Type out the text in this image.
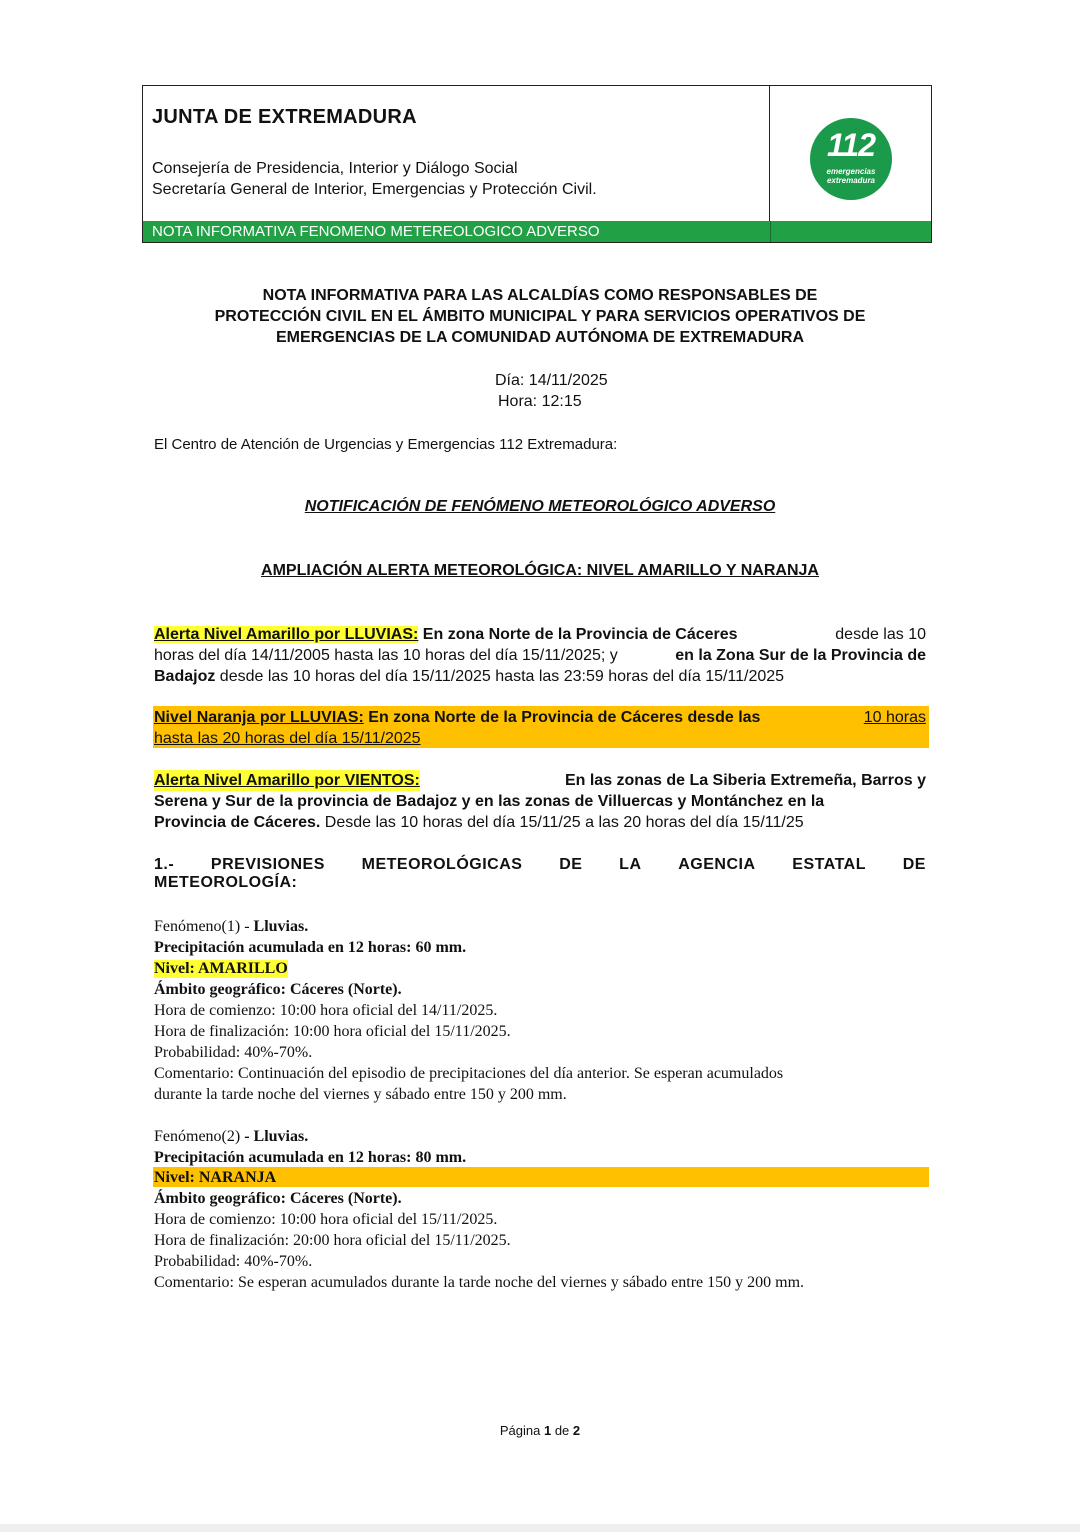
JUNTA DE EXTREMADURA
Consejería de Presidencia, Interior y Diálogo Social
Secretaría General de Interior, Emergencias y Protección Civil.
112
emergencias
extremadura
NOTA INFORMATIVA FENOMENO METEREOLOGICO ADVERSO
NOTA INFORMATIVA PARA LAS ALCALDÍAS COMO RESPONSABLES DE
PROTECCIÓN CIVIL EN EL ÁMBITO MUNICIPAL Y PARA SERVICIOS OPERATIVOS DE
EMERGENCIAS DE LA COMUNIDAD AUTÓNOMA DE EXTREMADURA
Día: 14/11/2025
Hora: 12:15
El Centro de Atención de Urgencias y Emergencias 112 Extremadura:
NOTIFICACIÓN DE FENÓMENO METEOROLÓGICO ADVERSO
AMPLIACIÓN ALERTA METEOROLÓGICA: NIVEL AMARILLO Y NARANJA
Alerta Nivel Amarillo por LLUVIAS: En zona Norte de la Provincia de Cáceres	desde las 10
horas del día 14/11/2005 hasta las 10 horas del día 15/11/2025; y	en la Zona Sur de la Provincia de
Badajoz desde las 10 horas del día 15/11/2025 hasta las 23:59 horas del día 15/11/2025
Nivel Naranja por LLUVIAS: En zona Norte de la Provincia de Cáceres desde las	10 horas
hasta las 20 horas del día 15/11/2025
Alerta Nivel Amarillo por VIENTOS:	En las zonas de La Siberia Extremeña, Barros y
Serena y Sur de la provincia de Badajoz y en las zonas de Villuercas y Montánchez en la
Provincia de Cáceres. Desde las 10 horas del día 15/11/25 a las 20 horas del día 15/11/25
1.- PREVISIONES METEOROLÓGICAS DE LA AGENCIA ESTATAL DE
METEOROLOGÍA:
Fenómeno(1) - Lluvias.
Precipitación acumulada en 12 horas: 60 mm.
Nivel: AMARILLO
Ámbito geográfico: Cáceres (Norte).
Hora de comienzo: 10:00 hora oficial del 14/11/2025.
Hora de finalización: 10:00 hora oficial del 15/11/2025.
Probabilidad: 40%-70%.
Comentario: Continuación del episodio de precipitaciones del día anterior. Se esperan acumulados
durante la tarde noche del viernes y sábado entre 150 y 200 mm.
Fenómeno(2) - Lluvias.
Precipitación acumulada en 12 horas: 80 mm.
Nivel: NARANJA
Ámbito geográfico: Cáceres (Norte).
Hora de comienzo: 10:00 hora oficial del 15/11/2025.
Hora de finalización: 20:00 hora oficial del 15/11/2025.
Probabilidad: 40%-70%.
Comentario: Se esperan acumulados durante la tarde noche del viernes y sábado entre 150 y 200 mm.
Página 1 de 2
